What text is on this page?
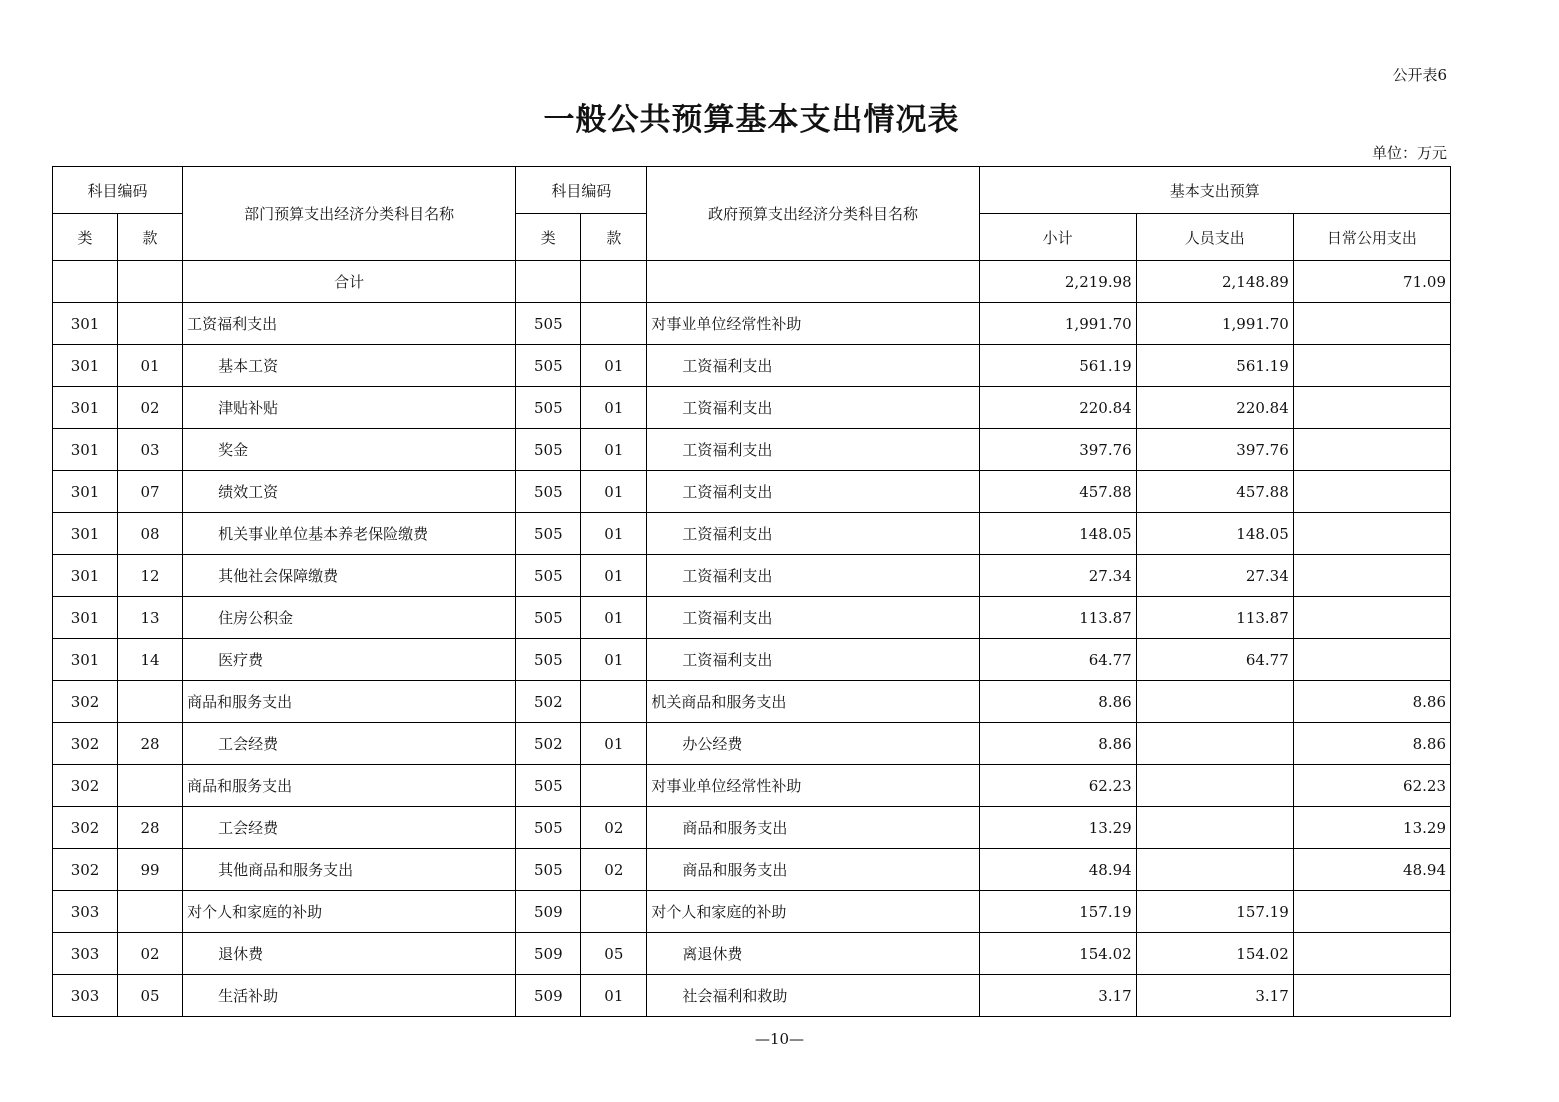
公开表6
一般公共预算基本支出情况表
单位：万元
科目编码		部门预算支出经济分类科目名称	科目编码		政府预算支出经济分类科目名称	基本支出预算		
类	款		类	款		小计	人员支出	日常公用支出
		合计				2,219.98	2,148.89	71.09
301		工资福利支出	505		对事业单位经常性补助	1,991.70	1,991.70	
301	01	基本工资	505	01	工资福利支出	561.19	561.19	
301	02	津贴补贴	505	01	工资福利支出	220.84	220.84	
301	03	奖金	505	01	工资福利支出	397.76	397.76	
301	07	绩效工资	505	01	工资福利支出	457.88	457.88	
301	08	机关事业单位基本养老保险缴费	505	01	工资福利支出	148.05	148.05	
301	12	其他社会保障缴费	505	01	工资福利支出	27.34	27.34	
301	13	住房公积金	505	01	工资福利支出	113.87	113.87	
301	14	医疗费	505	01	工资福利支出	64.77	64.77	
302		商品和服务支出	502		机关商品和服务支出	8.86		8.86
302	28	工会经费	502	01	办公经费	8.86		8.86
302		商品和服务支出	505		对事业单位经常性补助	62.23		62.23
302	28	工会经费	505	02	商品和服务支出	13.29		13.29
302	99	其他商品和服务支出	505	02	商品和服务支出	48.94		48.94
303		对个人和家庭的补助	509		对个人和家庭的补助	157.19	157.19	
303	02	退休费	509	05	离退休费	154.02	154.02	
303	05	生活补助	509	01	社会福利和救助	3.17	3.17	
—10—
